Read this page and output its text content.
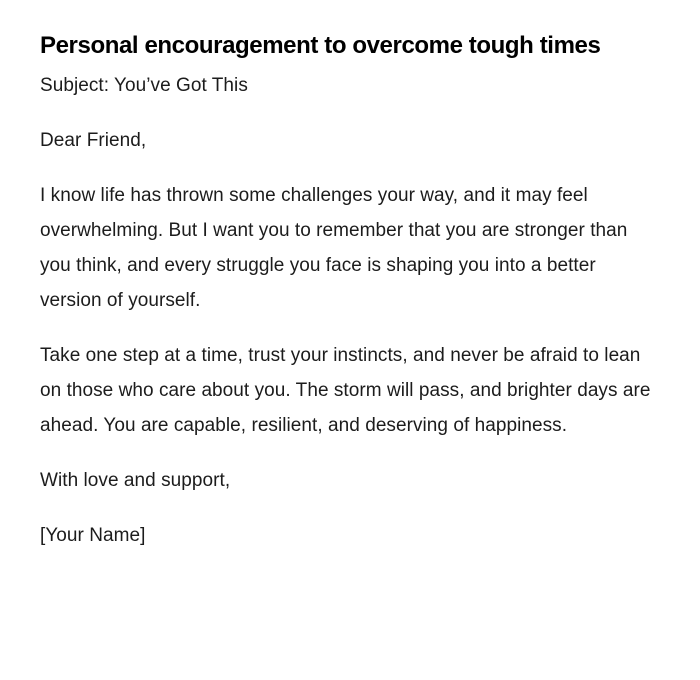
Personal encouragement to overcome tough times

Subject: You’ve Got This

Dear Friend,

I know life has thrown some challenges your way, and it may feel overwhelming. But I want you to remember that you are stronger than you think, and every struggle you face is shaping you into a better version of yourself.

Take one step at a time, trust your instincts, and never be afraid to lean on those who care about you. The storm will pass, and brighter days are ahead. You are capable, resilient, and deserving of happiness.

With love and support,

[Your Name]
